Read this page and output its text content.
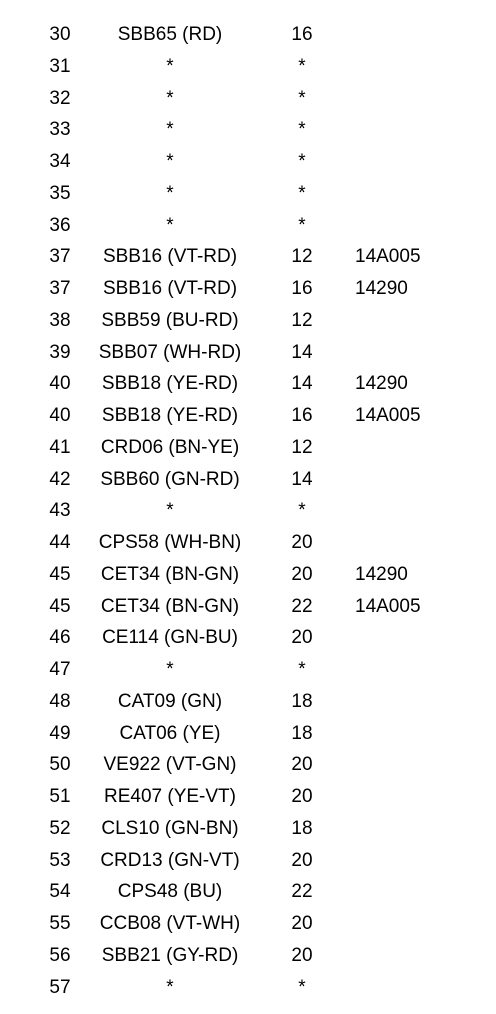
30	SBB65 (RD)	16
31	*	*
32	*	*
33	*	*
34	*	*
35	*	*
36	*	*
37	SBB16 (VT-RD)	12	14A005
37	SBB16 (VT-RD)	16	14290
38	SBB59 (BU-RD)	12
39	SBB07 (WH-RD)	14
40	SBB18 (YE-RD)	14	14290
40	SBB18 (YE-RD)	16	14A005
41	CRD06 (BN-YE)	12
42	SBB60 (GN-RD)	14
43	*	*
44	CPS58 (WH-BN)	20
45	CET34 (BN-GN)	20	14290
45	CET34 (BN-GN)	22	14A005
46	CE114 (GN-BU)	20
47	*	*
48	CAT09 (GN)	18
49	CAT06 (YE)	18
50	VE922 (VT-GN)	20
51	RE407 (YE-VT)	20
52	CLS10 (GN-BN)	18
53	CRD13 (GN-VT)	20
54	CPS48 (BU)	22
55	CCB08 (VT-WH)	20
56	SBB21 (GY-RD)	20
57	*	*
